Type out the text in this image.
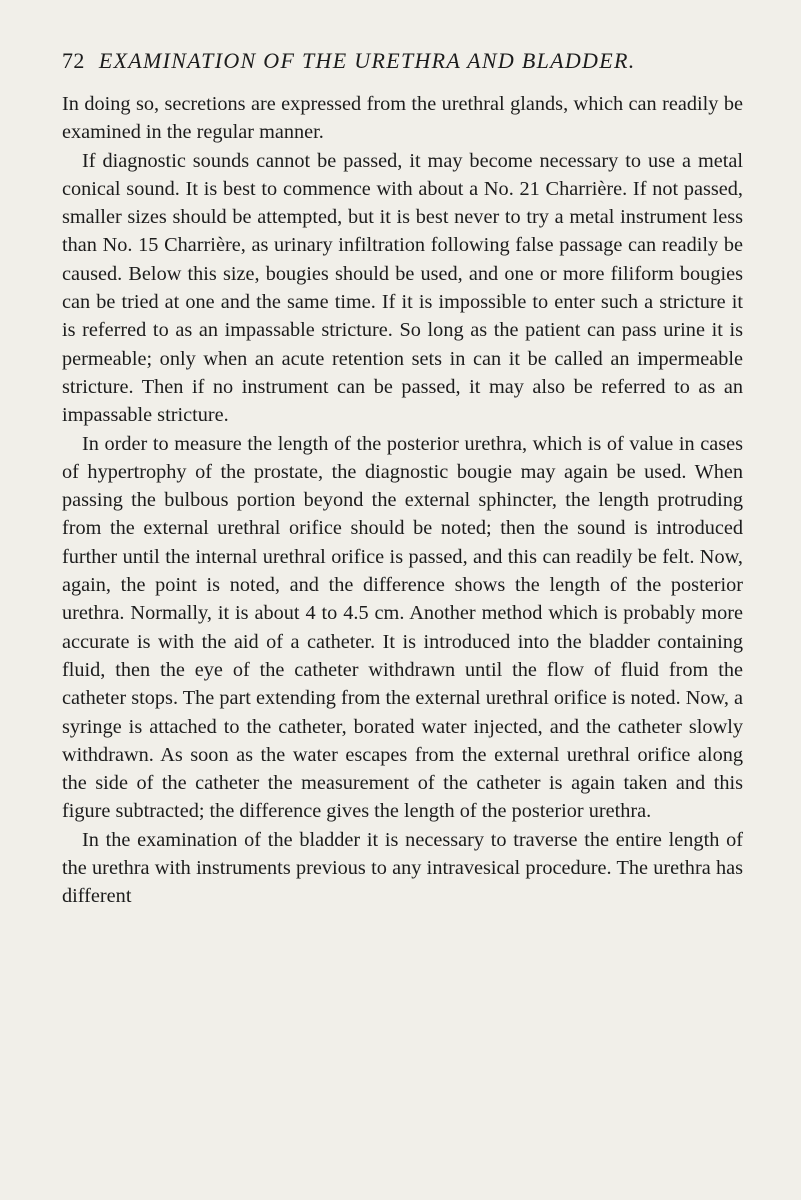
72 EXAMINATION OF THE URETHRA AND BLADDER.

In doing so, secretions are expressed from the urethral glands, which can readily be examined in the regular manner.

If diagnostic sounds cannot be passed, it may become necessary to use a metal conical sound. It is best to commence with about a No. 21 Charrière. If not passed, smaller sizes should be attempted, but it is best never to try a metal instrument less than No. 15 Charrière, as urinary infiltration following false passage can readily be caused. Below this size, bougies should be used, and one or more filiform bougies can be tried at one and the same time. If it is impossible to enter such a stricture it is referred to as an impassable stricture. So long as the patient can pass urine it is permeable; only when an acute retention sets in can it be called an impermeable stricture. Then if no instrument can be passed, it may also be referred to as an impassable stricture.

In order to measure the length of the posterior urethra, which is of value in cases of hypertrophy of the prostate, the diagnostic bougie may again be used. When passing the bulbous portion beyond the external sphincter, the length protruding from the external urethral orifice should be noted; then the sound is introduced further until the internal urethral orifice is passed, and this can readily be felt. Now, again, the point is noted, and the difference shows the length of the posterior urethra. Normally, it is about 4 to 4.5 cm. Another method which is probably more accurate is with the aid of a catheter. It is introduced into the bladder containing fluid, then the eye of the catheter withdrawn until the flow of fluid from the catheter stops. The part extending from the external urethral orifice is noted. Now, a syringe is attached to the catheter, borated water injected, and the catheter slowly withdrawn. As soon as the water escapes from the external urethral orifice along the side of the catheter the measurement of the catheter is again taken and this figure subtracted; the difference gives the length of the posterior urethra.

In the examination of the bladder it is necessary to traverse the entire length of the urethra with instruments previous to any intravesical procedure. The urethra has different
